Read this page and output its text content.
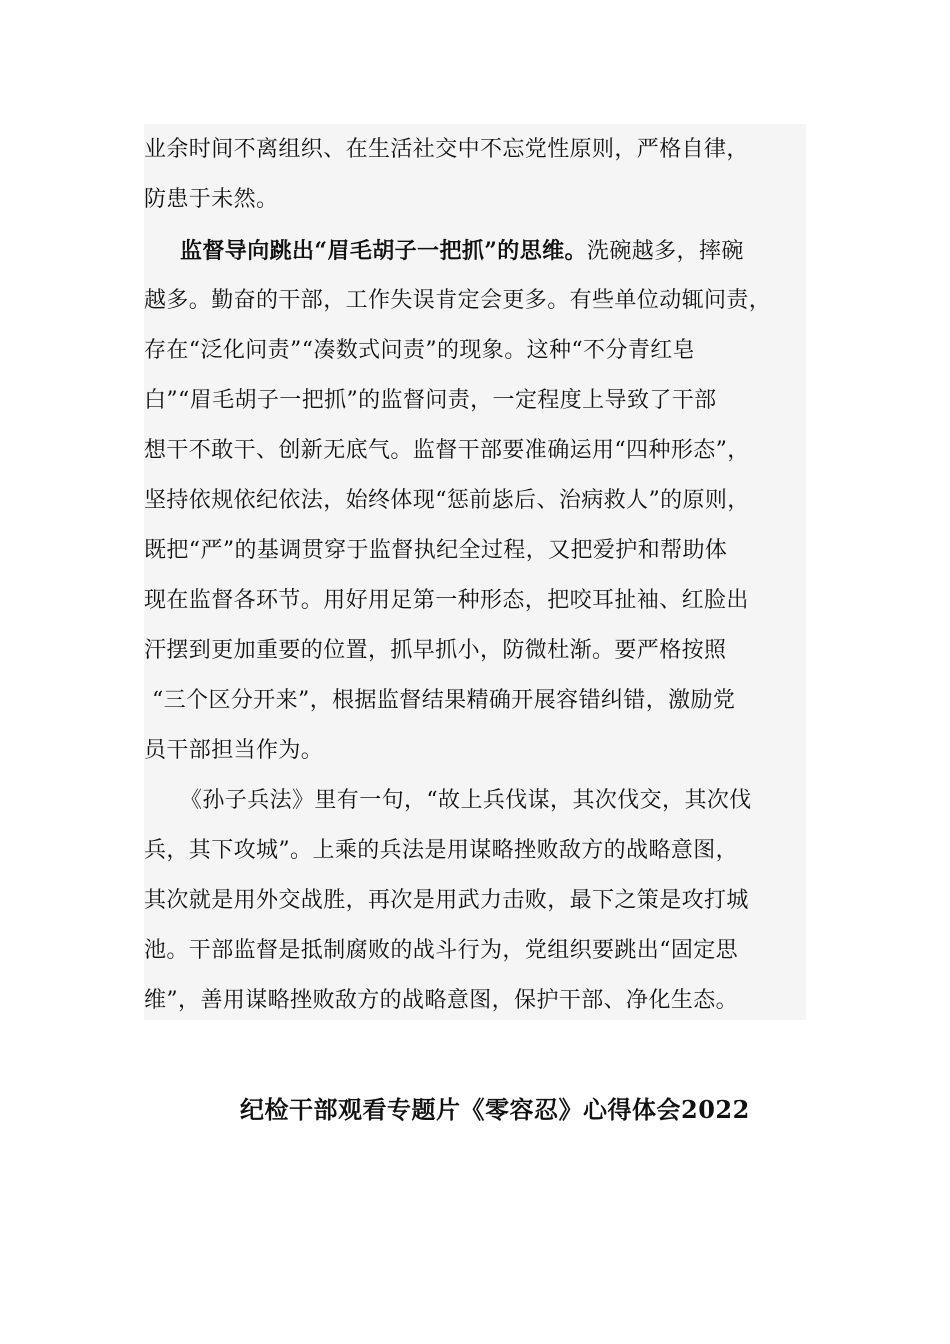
业余时间不离组织、在生活社交中不忘党性原则，严格自律，
防患于未然。
监督导向跳出“眉毛胡子一把抓”的思维。洗碗越多，摔碗
越多。勤奋的干部，工作失误肯定会更多。有些单位动辄问责，
存在“泛化问责”“凑数式问责”的现象。这种“不分青红皂
白”“眉毛胡子一把抓”的监督问责，一定程度上导致了干部
想干不敢干、创新无底气。监督干部要准确运用“四种形态”，
坚持依规依纪依法，始终体现“惩前毖后、治病救人”的原则，
既把“严”的基调贯穿于监督执纪全过程，又把爱护和帮助体
现在监督各环节。用好用足第一种形态，把咬耳扯袖、红脸出
汗摆到更加重要的位置，抓早抓小，防微杜渐。要严格按照
“三个区分开来”，根据监督结果精确开展容错纠错，激励党
员干部担当作为。
《孙子兵法》里有一句，“故上兵伐谋，其次伐交，其次伐
兵，其下攻城”。上乘的兵法是用谋略挫败敌方的战略意图，
其次就是用外交战胜，再次是用武力击败，最下之策是攻打城
池。干部监督是抵制腐败的战斗行为，党组织要跳出“固定思
维”，善用谋略挫败敌方的战略意图，保护干部、净化生态。
纪检干部观看专题片《零容忍》心得体会2022
